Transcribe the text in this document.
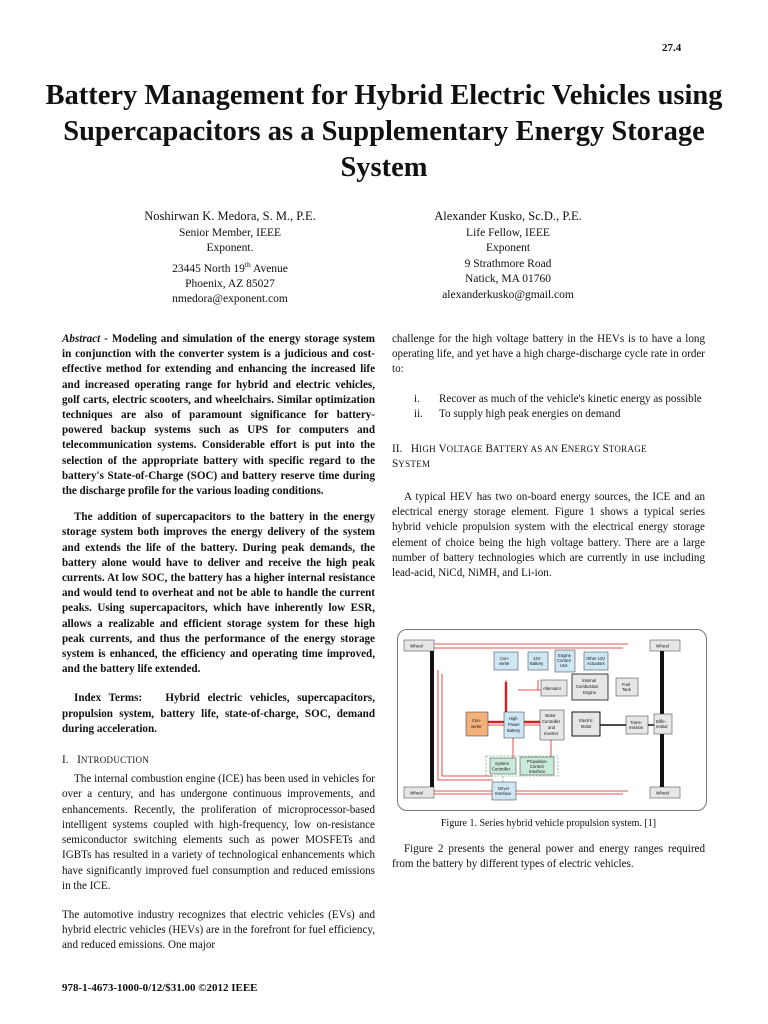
27.4
Battery Management for Hybrid Electric Vehicles using Supercapacitors as a Supplementary Energy Storage System
Noshirwan K. Medora, S. M., P.E.
Senior Member, IEEE
Exponent.
23445 North 19th Avenue
Phoenix, AZ 85027
nmedora@exponent.com
Alexander Kusko, Sc.D., P.E.
Life Fellow, IEEE
Exponent
9 Strathmore Road
Natick, MA 01760
alexanderkusko@gmail.com

Abstract - Modeling and simulation of the energy storage system in conjunction with the converter system is a judicious and cost-effective method for extending and enhancing the increased life and increased operating range for hybrid and electric vehicles, golf carts, electric scooters, and wheelchairs. Similar optimization techniques are also of paramount significance for battery-powered backup systems such as UPS for computers and telecommunication systems. Considerable effort is put into the selection of the appropriate battery with specific regard to the battery's State-of-Charge (SOC) and battery reserve time during the discharge profile for the various loading conditions.

The addition of supercapacitors to the battery in the energy storage system both improves the energy delivery of the system and extends the life of the battery. During peak demands, the battery alone would have to deliver and receive the high peak currents. At low SOC, the battery has a higher internal resistance and would tend to overheat and not be able to handle the current peaks. Using supercapacitors, which have inherently low ESR, allows a realizable and efficient storage system for these high peak currents, and thus the performance of the energy storage system is enhanced, the efficiency and operating time improved, and the battery life extended.

Index Terms: Hybrid electric vehicles, supercapacitors, propulsion system, battery life, state-of-charge, SOC, demand during acceleration.

I. INTRODUCTION

The internal combustion engine (ICE) has been used in vehicles for over a century, and has undergone continuous improvements, and enhancements. Recently, the proliferation of microprocessor-based intelligent systems coupled with high-frequency, low on-resistance semiconductor switching elements such as power MOSFETs and IGBTs has resulted in a variety of technological enhancements which have significantly improved fuel consumption and reduced emissions in the ICE.

The automotive industry recognizes that electric vehicles (EVs) and hybrid electric vehicles (HEVs) are in the forefront for fuel efficiency, and reduced emissions. One major

challenge for the high voltage battery in the HEVs is to have a long operating life, and yet have a high charge-discharge cycle rate in order to:

i.	Recover as much of the vehicle's kinetic energy as possible
ii.	To supply high peak energies on demand

II. HIGH VOLTAGE BATTERY AS AN ENERGY STORAGE
SYSTEM

A typical HEV has two on-board energy sources, the ICE and an electrical energy storage element. Figure 1 shows a typical series hybrid vehicle propulsion system with the electrical energy storage element of choice being the high voltage battery. There are a large number of battery technologies which are currently in use including lead-acid, NiCd, NiMH, and Li-ion.

Wheel	Wheel
Wheel	Wheel
Con-
verter
12V
Battery
Engine
Control
Unit
Other 12V
Actuators
Alternator
Internal
Combustion
Engine
Fuel
Tank
Con-
verter
High
Power
Battery
Motor
Controller
and
Inverter
Electric
Motor
Trans-
mission
Diffe-
rential
System
Controller
Propulsion
Control
Interface
Driver
Interface
Figure 1. Series hybrid vehicle propulsion system. [1]

Figure 2 presents the general power and energy ranges required from the battery by different types of electric vehicles.

978-1-4673-1000-0/12/$31.00 ©2012 IEEE
